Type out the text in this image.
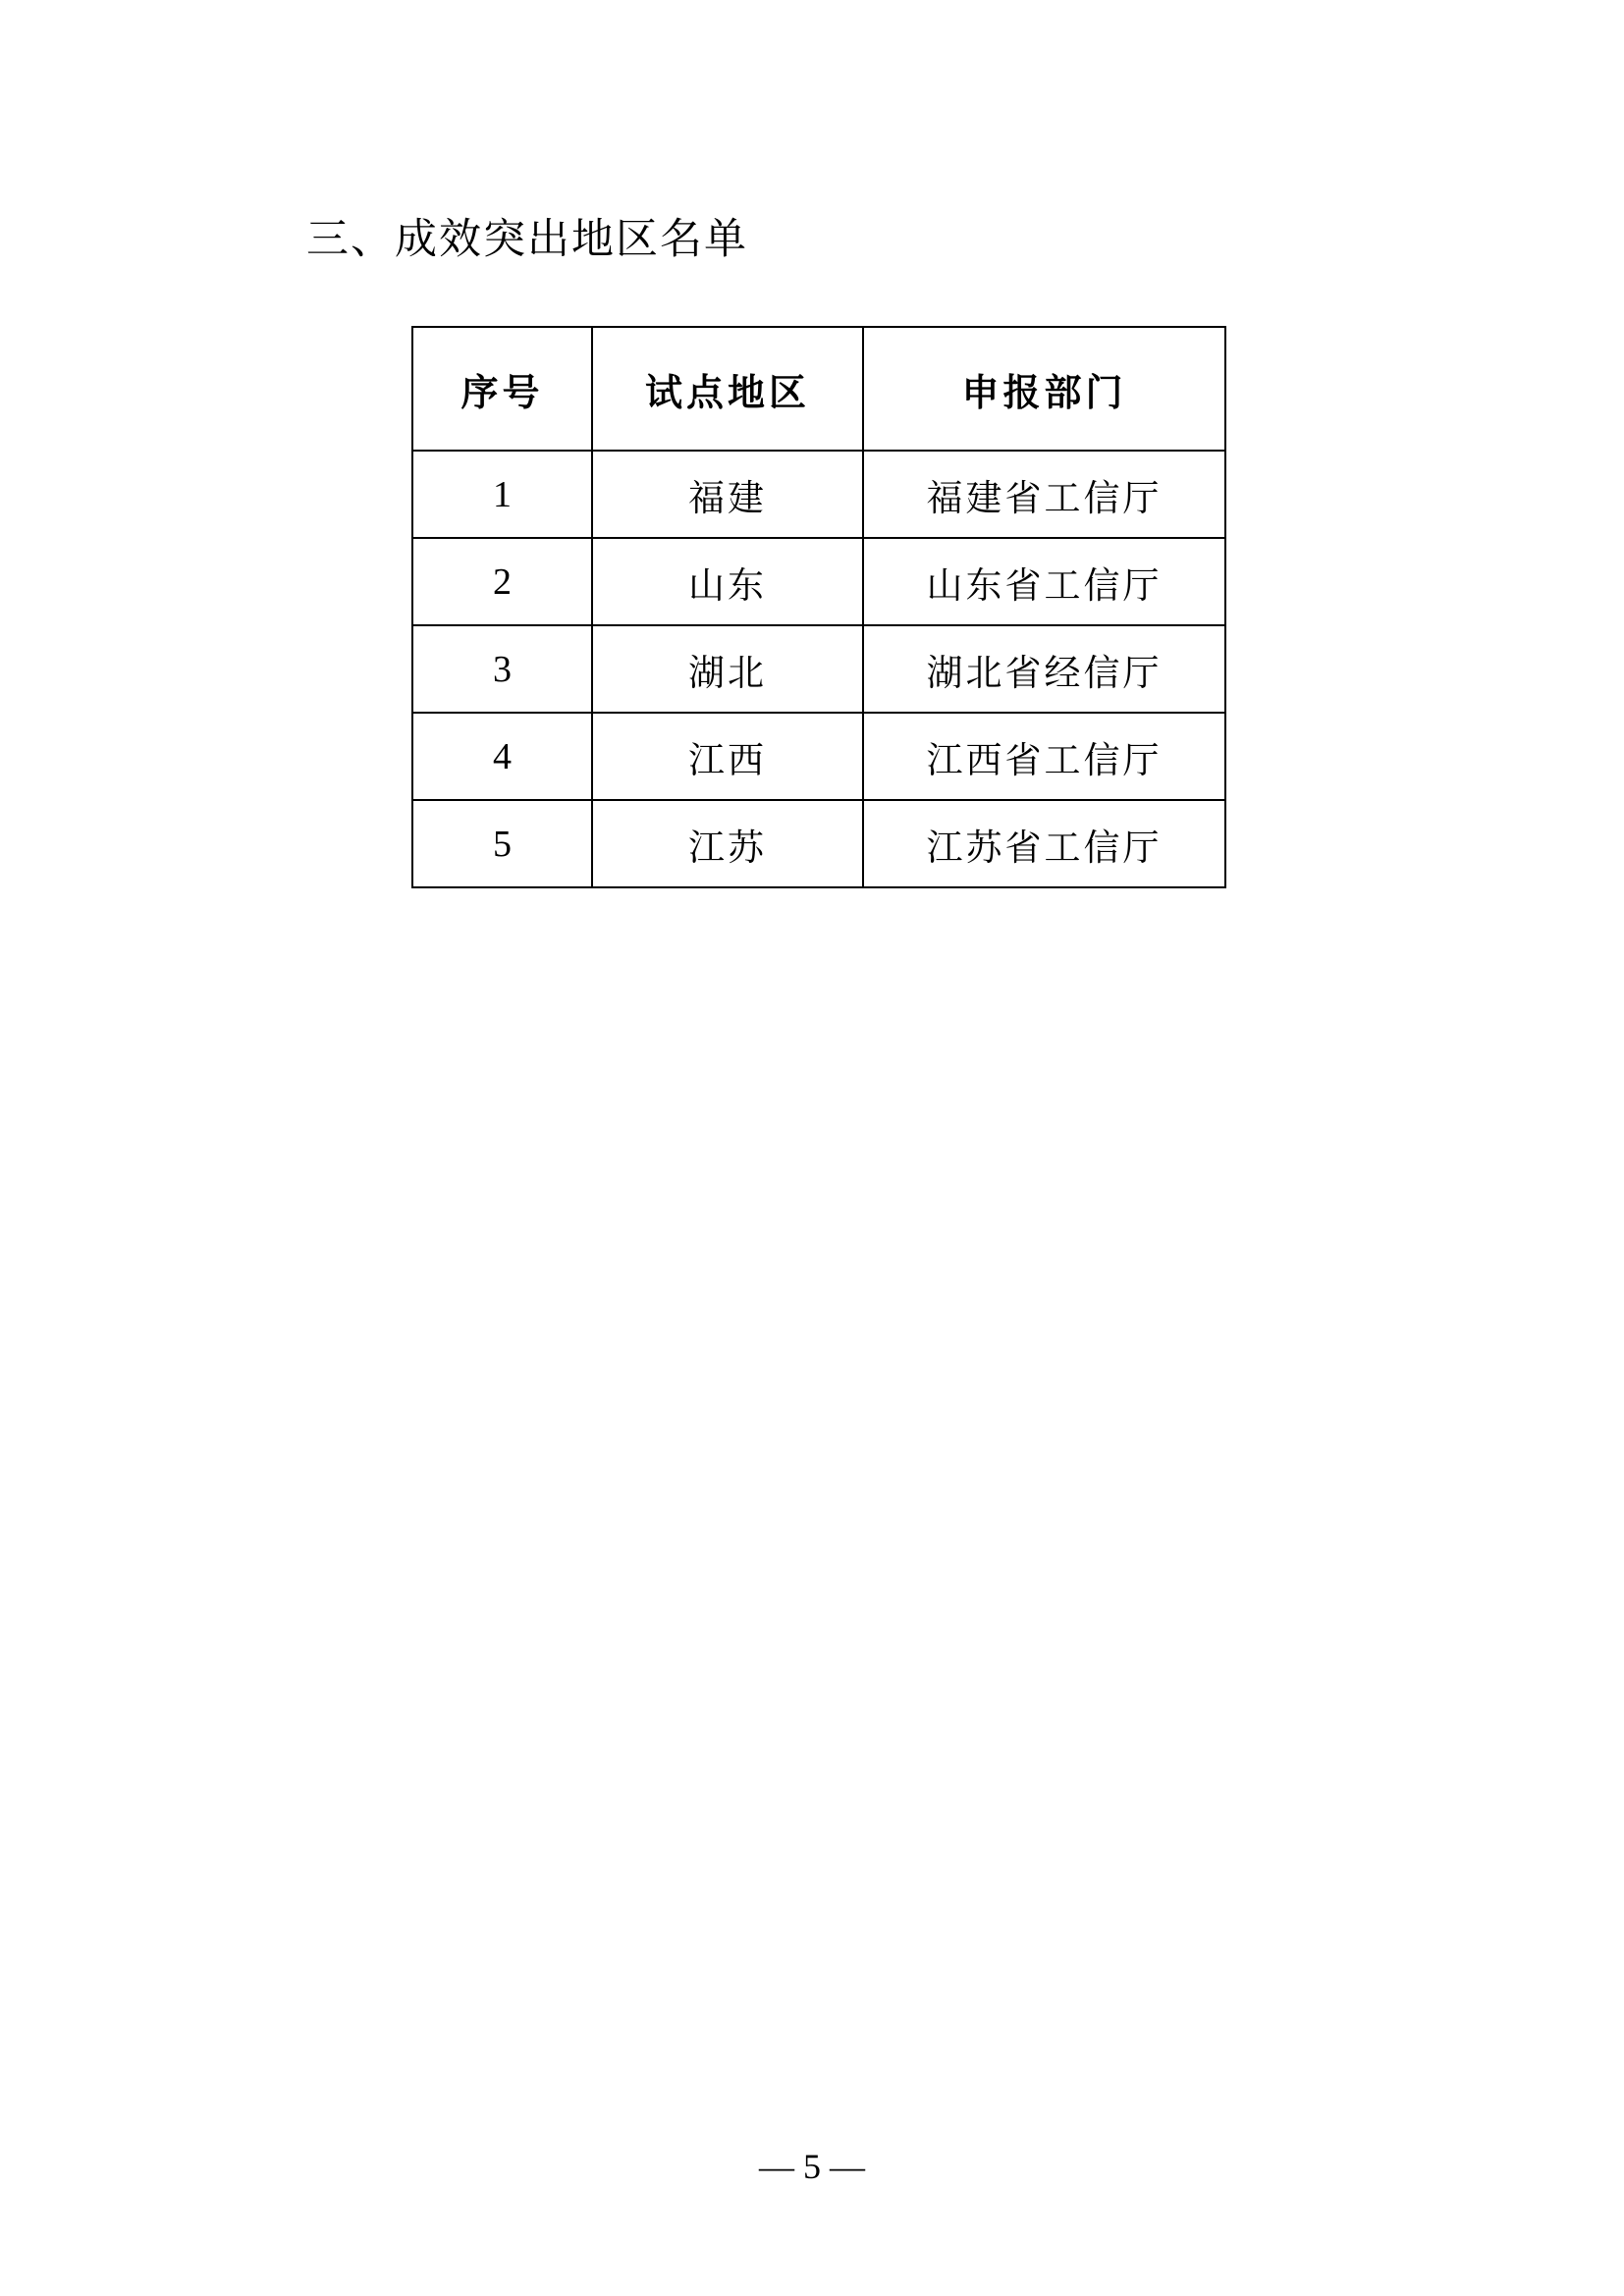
三、成效突出地区名单
序号	试点地区	申报部门
1	福建	福建省工信厅
2	山东	山东省工信厅
3	湖北	湖北省经信厅
4	江西	江西省工信厅
5	江苏	江苏省工信厅
— 5 —
